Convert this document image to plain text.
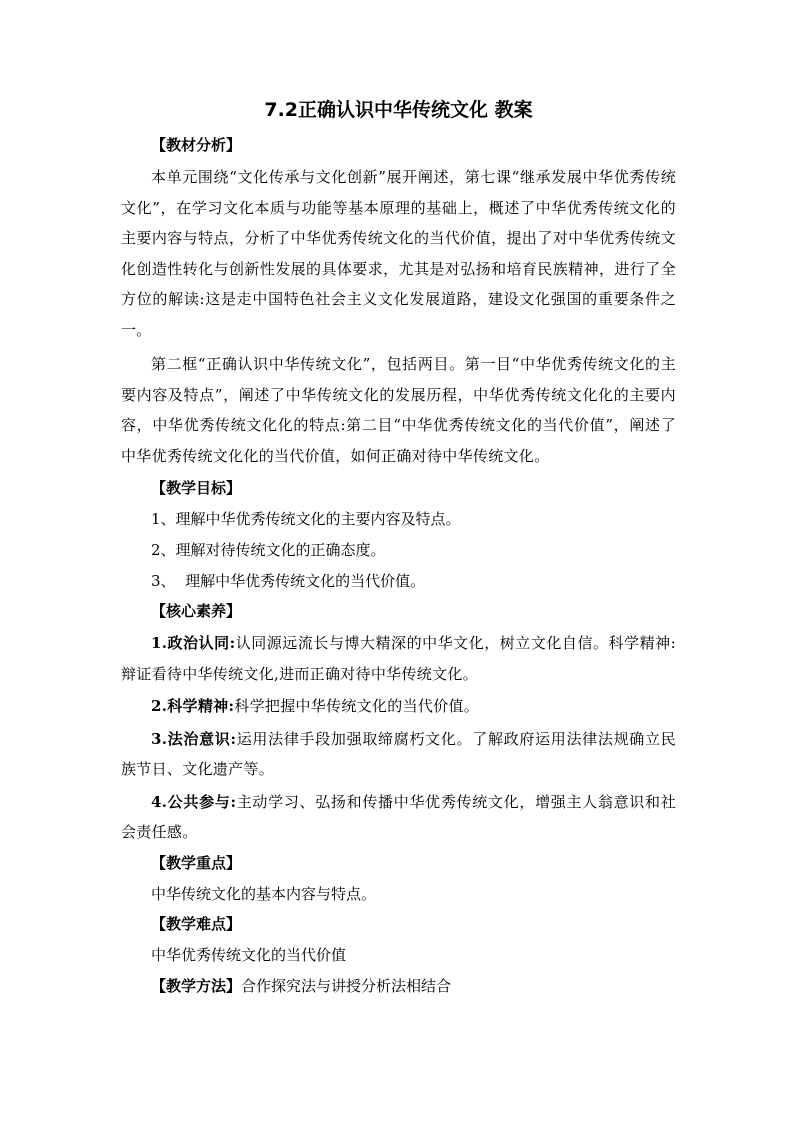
7.2正确认识中华传统文化 教案
【教材分析】

本单元围绕“文化传承与文化创新”展开阐述，第七课“继承发展中华优秀传统文化”，在学习文化本质与功能等基本原理的基础上，概述了中华优秀传统文化的主要内容与特点，分析了中华优秀传统文化的当代价值，提出了对中华优秀传统文化创造性转化与创新性发展的具体要求，尤其是对弘扬和培育民族精神，进行了全方位的解读:这是走中国特色社会主义文化发展道路，建设文化强国的重要条件之一。

第二框“正确认识中华传统文化”，包括两目。第一目“中华优秀传统文化的主要内容及特点”，阐述了中华传统文化的发展历程，中华优秀传统文化化的主要内容，中华优秀传统文化化的特点:第二目“中华优秀传统文化的当代价值”，阐述了中华优秀传统文化化的当代价值，如何正确对待中华传统文化。

【教学目标】
1、理解中华优秀传统文化的主要内容及特点。
2、理解对待传统文化的正确态度。
3、  理解中华优秀传统文化的当代价值。
【核心素养】

1.政治认同:认同源远流长与博大精深的中华文化，树立文化自信。科学精神:辩证看待中华传统文化,进而正确对待中华传统文化。

2.科学精神:科学把握中华传统文化的当代价值。

3.法治意识:运用法律手段加强取缔腐朽文化。了解政府运用法律法规确立民族节日、文化遗产等。

4.公共参与:主动学习、弘扬和传播中华优秀传统文化，增强主人翁意识和社会责任感。

【教学重点】
中华传统文化的基本内容与特点。
【教学难点】
中华优秀传统文化的当代价值
【教学方法】合作探究法与讲授分析法相结合
